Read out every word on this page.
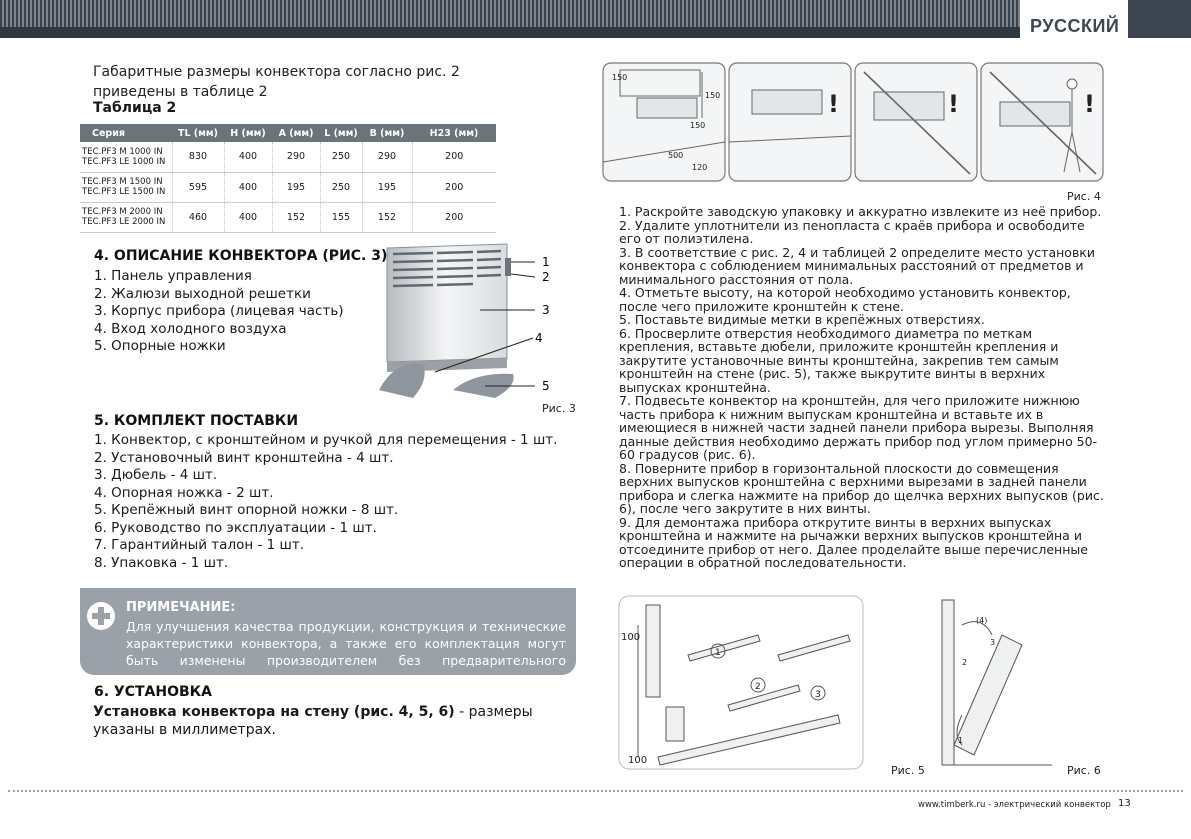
РУССКИЙ
Габаритные размеры конвектора согласно рис. 2 приведены в таблице 2
Таблица 2
Серия	TL (мм)	H (мм)	A (мм)	L (мм)	B (мм)	H23 (мм)
TEC.PF3 M 1000 IN
TEC.PF3 LE 1000 IN	830	400	290	250	290	200
TEC.PF3 M 1500 IN
TEC.PF3 LE 1500 IN	595	400	195	250	195	200
TEC.PF3 M 2000 IN
TEC.PF3 LE 2000 IN	460	400	152	155	152	200
4. ОПИСАНИЕ КОНВЕКТОРА (РИС. 3)
1. Панель управления
2. Жалюзи выходной решетки
3. Корпус прибора (лицевая часть)
4. Вход холодного воздуха
5. Опорные ножки
1
2
3
4
5
Рис. 3
5. КОМПЛЕКТ ПОСТАВКИ
1. Конвектор, с кронштейном и ручкой для перемещения - 1 шт.
2. Установочный винт кронштейна - 4 шт.
3. Дюбель - 4 шт.
4. Опорная ножка - 2 шт.
5. Крепёжный винт опорной ножки - 8 шт.
6. Руководство по эксплуатации - 1 шт.
7. Гарантийный талон - 1 шт.
8. Упаковка - 1 шт.
ПРИМЕЧАНИЕ:
Для улучшения качества продукции, конструкция и технические характеристики конвектора, а также его комплектация могут быть изменены производителем без предварительного уведомления.
6. УСТАНОВКА
Установка конвектора на стену (рис. 4, 5, 6) - размеры указаны в миллиметрах.
150
150
150
500
120
!	!	!
Рис. 4
1. Раскройте заводскую упаковку и аккуратно извлеките из неё прибор.
2. Удалите уплотнители из пенопласта с краёв прибора и освободите его от полиэтилена.
3. В соответствие с рис. 2, 4 и таблицей 2 определите место установки конвектора с соблюдением минимальных расстояний от предметов и минимального расстояния от пола.
4. Отметьте высоту, на которой необходимо установить конвектор, после чего приложите кронштейн к стене.
5. Поставьте видимые метки в крепёжных отверстиях.
6. Просверлите отверстия необходимого диаметра по меткам крепления, вставьте дюбели, приложите кронштейн крепления и закрутите установочные винты кронштейна, закрепив тем самым кронштейн на стене (рис. 5), также выкрутите винты в верхних выпусках кронштейна.
7. Подвесьте конвектор на кронштейн, для чего приложите нижнюю часть прибора к нижним выпускам кронштейна и вставьте их в имеющиеся в нижней части задней панели прибора вырезы. Выполняя данные действия необходимо держать прибор под углом примерно 50-60 градусов (рис. 6).
8. Поверните прибор в горизонтальной плоскости до совмещения верхних выпусков кронштейна с верхними вырезами в задней панели прибора и слегка нажмите на прибор до щелчка верхних выпусков (рис. 6), после чего закрутите в них винты.
9. Для демонтажа прибора открутите винты в верхних выпусках кронштейна и нажмите на рычажки верхних выпусков кронштейна и отсоедините прибор от него. Далее проделайте выше перечисленные операции в обратной последовательности.
100
100
1
2
3
Рис. 5
(4)
3
2
1
Рис. 6
www.timberk.ru - электрический конвектор 13
